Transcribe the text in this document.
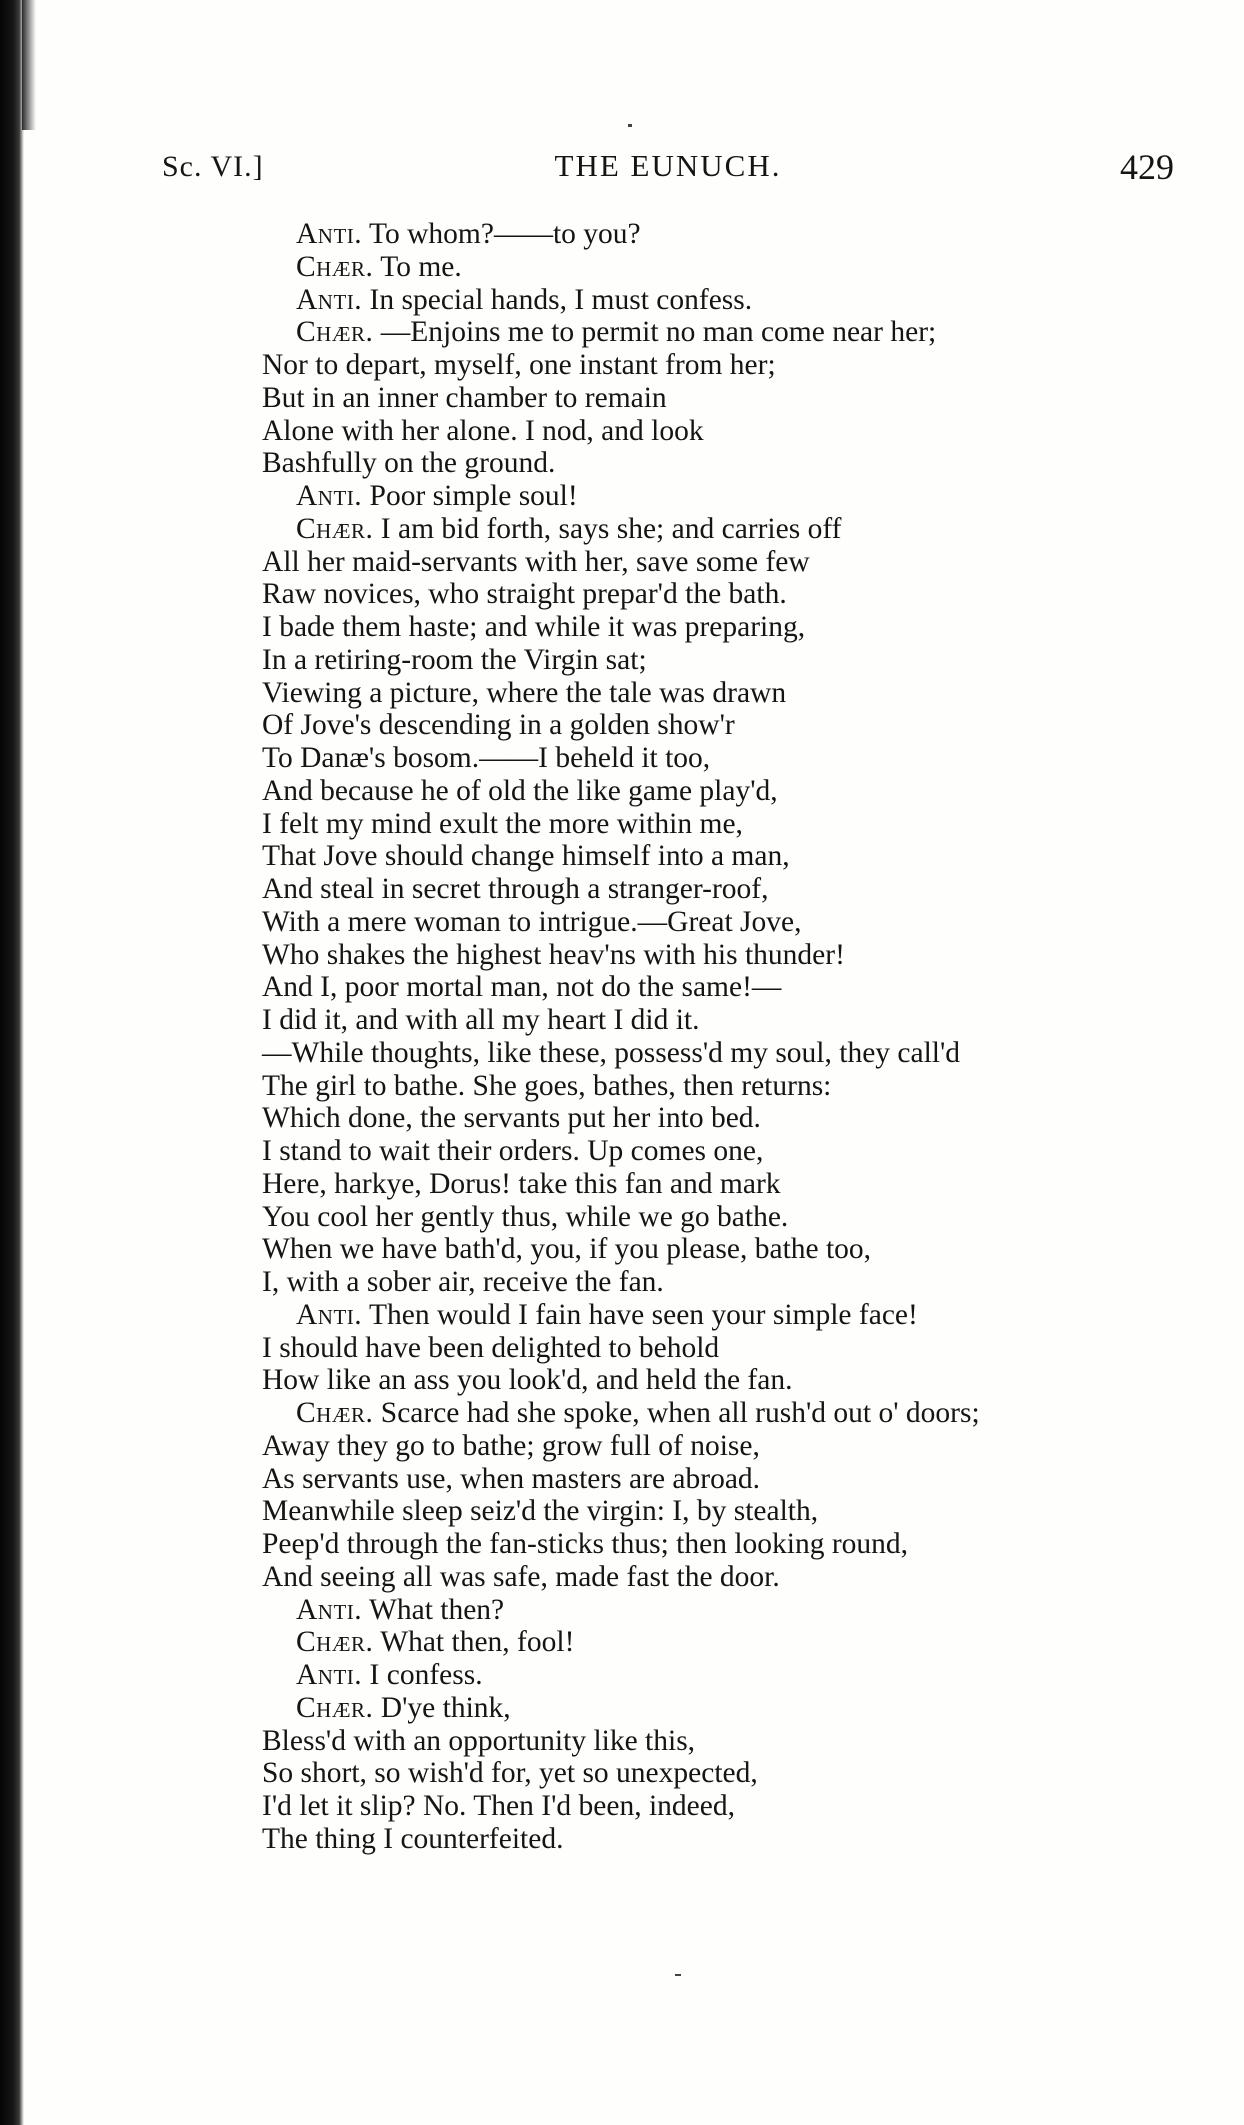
Sc. VI.]	THE EUNUCH.	429
Anti. To whom?——to you?
Chær. To me.
Anti. In special hands, I must confess.
Chær. —Enjoins me to permit no man come near her;
Nor to depart, myself, one instant from her;
But in an inner chamber to remain
Alone with her alone. I nod, and look
Bashfully on the ground.
Anti. Poor simple soul!
Chær. I am bid forth, says she; and carries off
All her maid-servants with her, save some few
Raw novices, who straight prepar'd the bath.
I bade them haste; and while it was preparing,
In a retiring-room the Virgin sat;
Viewing a picture, where the tale was drawn
Of Jove's descending in a golden show'r
To Danæ's bosom.——I beheld it too,
And because he of old the like game play'd,
I felt my mind exult the more within me,
That Jove should change himself into a man,
And steal in secret through a stranger-roof,
With a mere woman to intrigue.—Great Jove,
Who shakes the highest heav'ns with his thunder!
And I, poor mortal man, not do the same!—
I did it, and with all my heart I did it.
—While thoughts, like these, possess'd my soul, they call'd
The girl to bathe. She goes, bathes, then returns:
Which done, the servants put her into bed.
I stand to wait their orders. Up comes one,
Here, harkye, Dorus! take this fan and mark
You cool her gently thus, while we go bathe.
When we have bath'd, you, if you please, bathe too,
I, with a sober air, receive the fan.
Anti. Then would I fain have seen your simple face!
I should have been delighted to behold
How like an ass you look'd, and held the fan.
Chær. Scarce had she spoke, when all rush'd out o' doors;
Away they go to bathe; grow full of noise,
As servants use, when masters are abroad.
Meanwhile sleep seiz'd the virgin: I, by stealth,
Peep'd through the fan-sticks thus; then looking round,
And seeing all was safe, made fast the door.
Anti. What then?
Chær. What then, fool!
Anti. I confess.
Chær. D'ye think,
Bless'd with an opportunity like this,
So short, so wish'd for, yet so unexpected,
I'd let it slip? No. Then I'd been, indeed,
The thing I counterfeited.
